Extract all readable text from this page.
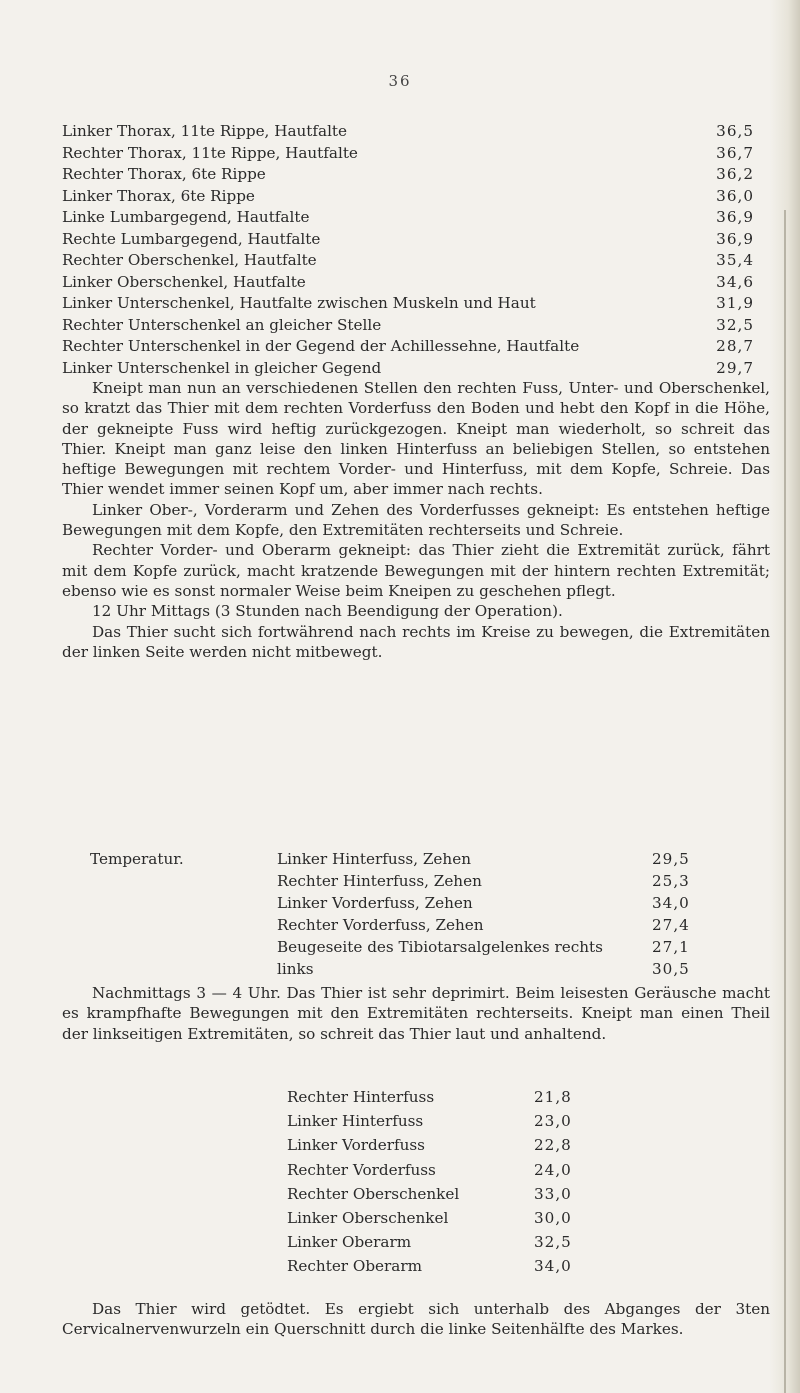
36
Linker Thorax, 11te Rippe, Hautfalte	36,5
Rechter Thorax, 11te Rippe, Hautfalte	36,7
Rechter Thorax, 6te Rippe	36,2
Linker Thorax, 6te Rippe	36,0
Linke Lumbargegend, Hautfalte	36,9
Rechte Lumbargegend, Hautfalte	36,9
Rechter Oberschenkel, Hautfalte	35,4
Linker Oberschenkel, Hautfalte	34,6
Linker Unterschenkel, Hautfalte zwischen Muskeln und Haut	31,9
Rechter Unterschenkel an gleicher Stelle	32,5
Rechter Unterschenkel in der Gegend der Achillessehne, Hautfalte	28,7
Linker Unterschenkel in gleicher Gegend	29,7

Kneipt man nun an verschiedenen Stellen den rechten Fuss, Unter- und Oberschenkel, so kratzt das Thier mit dem rechten Vorderfuss den Boden und hebt den Kopf in die Höhe, der gekneipte Fuss wird heftig zurückgezogen. Kneipt man wiederholt, so schreit das Thier. Kneipt man ganz leise den linken Hinterfuss an beliebigen Stellen, so entstehen heftige Bewegungen mit rechtem Vorder- und Hinterfuss, mit dem Kopfe, Schreie. Das Thier wendet immer seinen Kopf um, aber immer nach rechts.

Linker Ober-, Vorderarm und Zehen des Vorderfusses gekneipt: Es entstehen heftige Bewegungen mit dem Kopfe, den Extremitäten rechterseits und Schreie.

Rechter Vorder- und Oberarm gekneipt: das Thier zieht die Extremität zurück, fährt mit dem Kopfe zurück, macht kratzende Bewegungen mit der hintern rechten Extremität; ebenso wie es sonst normaler Weise beim Kneipen zu geschehen pflegt.

12 Uhr Mittags (3 Stunden nach Beendigung der Operation).

Das Thier sucht sich fortwährend nach rechts im Kreise zu bewegen, die Extremitäten der linken Seite werden nicht mitbewegt.

Temperatur.	Linker Hinterfuss, Zehen	29,5
Rechter Hinterfuss, Zehen	25,3
Linker Vorderfuss, Zehen	34,0
Rechter Vorderfuss, Zehen	27,4
Beugeseite des Tibiotarsalgelenkes rechts	27,1
links	30,5

Nachmittags 3 — 4 Uhr. Das Thier ist sehr deprimirt. Beim leisesten Geräusche macht es krampfhafte Bewegungen mit den Extremitäten rechterseits. Kneipt man einen Theil der linkseitigen Extremitäten, so schreit das Thier laut und anhaltend.

Rechter Hinterfuss	21,8
Linker Hinterfuss	23,0
Linker Vorderfuss	22,8
Rechter Vorderfuss	24,0
Rechter Oberschenkel	33,0
Linker Oberschenkel	30,0
Linker Oberarm	32,5
Rechter Oberarm	34,0

Das Thier wird getödtet. Es ergiebt sich unterhalb des Abganges der 3ten Cervicalnervenwurzeln ein Querschnitt durch die linke Seitenhälfte des Markes.
